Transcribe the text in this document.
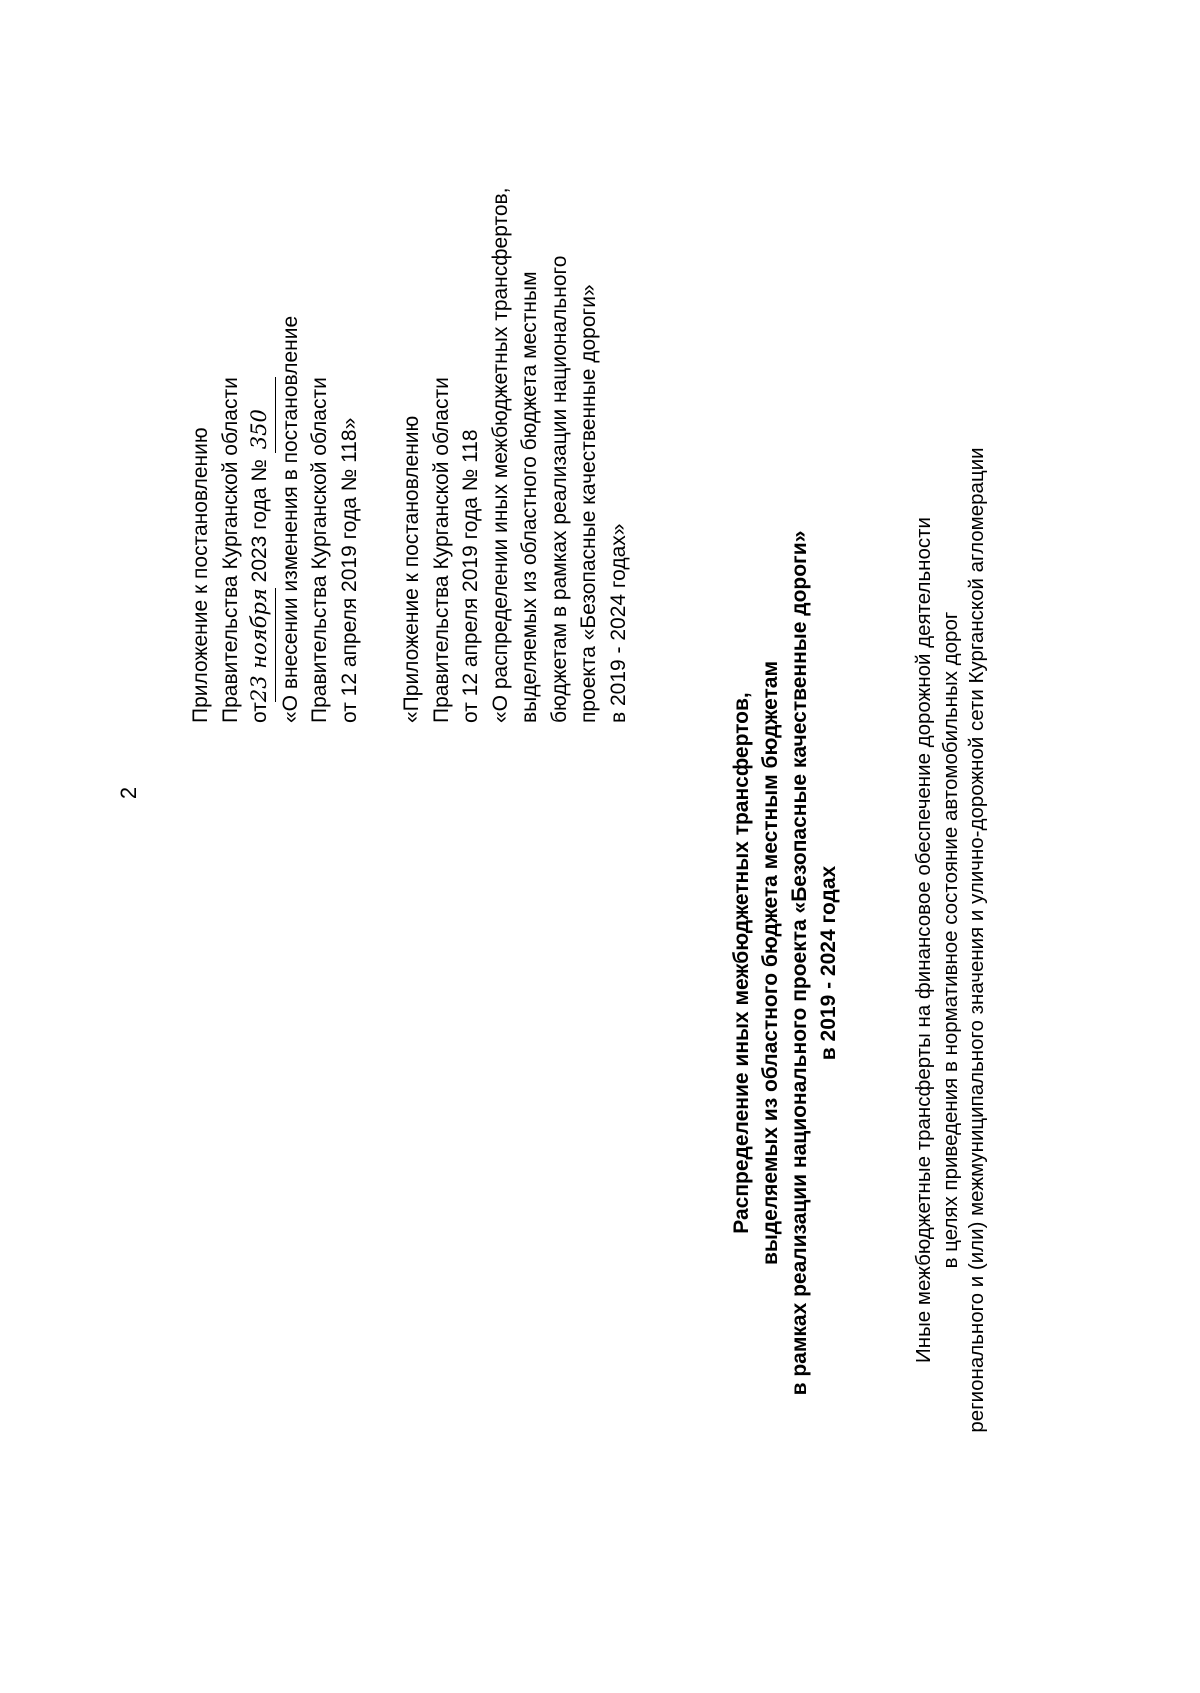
2
Приложение к постановлению Правительства Курганской области от23 ноября 2023 года № 350 «О внесении изменения в постановление Правительства Курганской области от 12 апреля 2019 года № 118» «Приложение к постановлению Правительства Курганской области от 12 апреля 2019 года № 118 «О распределении иных межбюджетных трансфертов, выделяемых из областного бюджета местным бюджетам в рамках реализации национального проекта «Безопасные качественные дороги» в 2019 - 2024 годах»
Распределение иных межбюджетных трансфертов, выделяемых из областного бюджета местным бюджетам в рамках реализации национального проекта «Безопасные качественные дороги» в 2019 - 2024 годах	Иные межбюджетные трансферты на финансовое обеспечение дорожной деятельности в целях приведения в нормативное состояние автомобильных дорог регионального и (или) межмуниципального значения и улично-дорожной сети Курганской агломерации
